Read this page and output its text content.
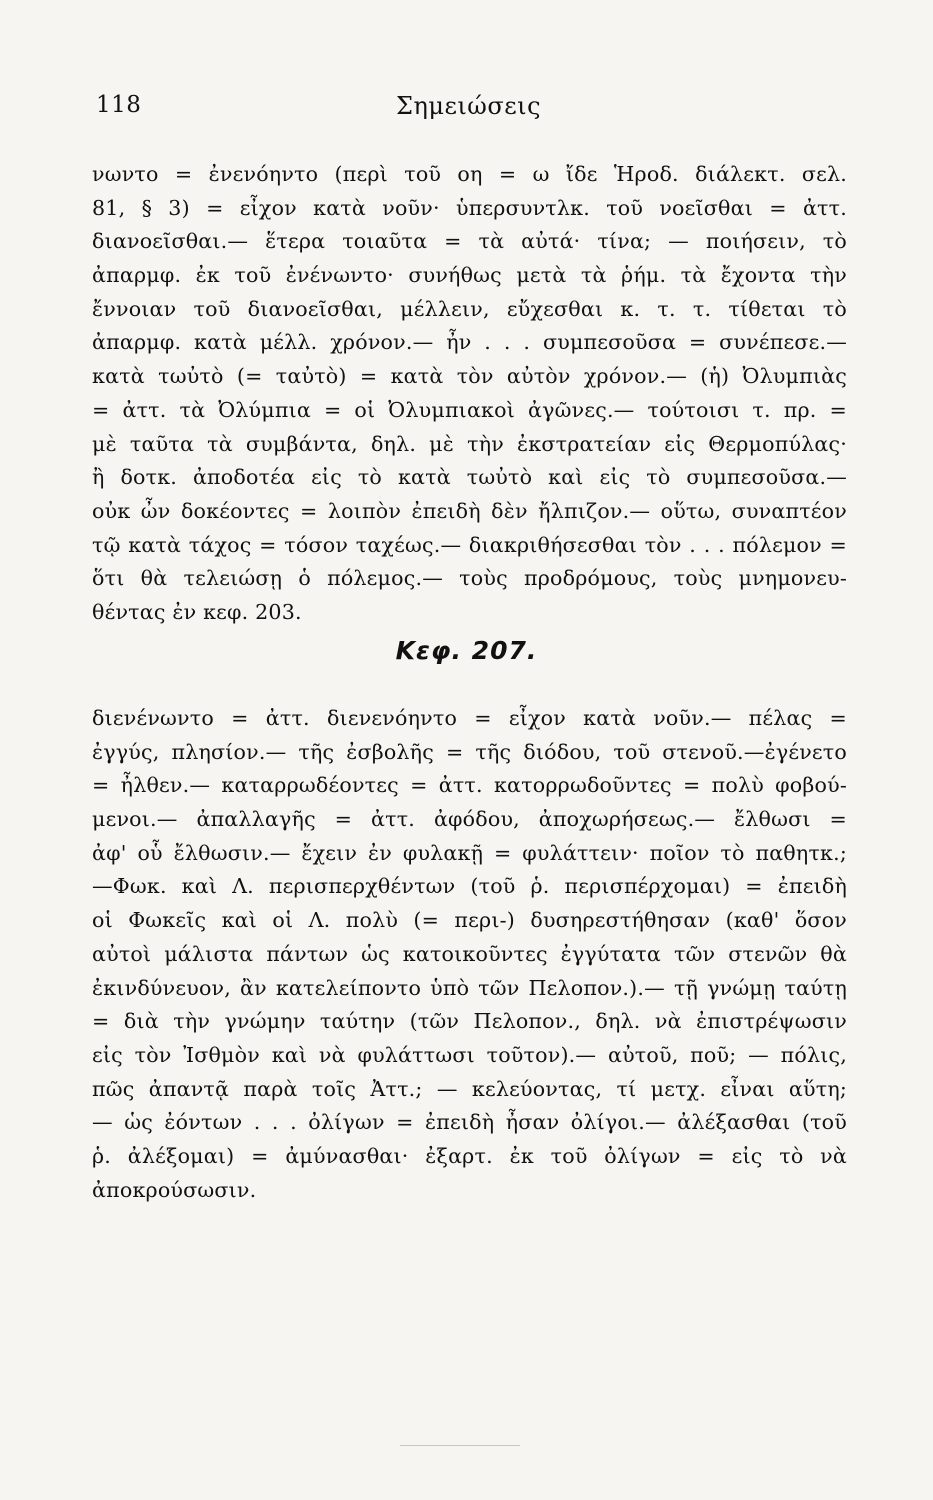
118	Σημειώσεις
νωντο = ἐνενόηντο (περὶ τοῦ οη = ω ἴδε Ἡροδ. διάλεκτ. σελ.
81, § 3) = εἶχον κατὰ νοῦν· ὑπερσυντλκ. τοῦ νοεῖσθαι = ἀττ.
διανοεῖσθαι.— ἕτερα τοιαῦτα = τὰ αὐτά· τίνα; — ποιήσειν, τὸ
ἀπαρμφ. ἐκ τοῦ ἐνένωντο· συνήθως μετὰ τὰ ῥήμ. τὰ ἔχοντα τὴν
ἔννοιαν τοῦ διανοεῖσθαι, μέλλειν, εὔχεσθαι κ. τ. τ. τίθεται τὸ
ἀπαρμφ. κατὰ μέλλ. χρόνον.— ἦν . . . συμπεσοῦσα = συνέπεσε.—
κατὰ τωὐτὸ (= ταὐτὸ) = κατὰ τὸν αὐτὸν χρόνον.— (ἡ) Ὀλυμπιὰς
= ἀττ. τὰ Ὀλύμπια = οἱ Ὀλυμπιακοὶ ἀγῶνες.— τούτοισι τ. πρ. =
μὲ ταῦτα τὰ συμβάντα, δηλ. μὲ τὴν ἐκστρατείαν εἰς Θερμοπύλας·
ἢ δοτκ. ἀποδοτέα εἰς τὸ κατὰ τωὐτὸ καὶ εἰς τὸ συμπεσοῦσα.—
οὐκ ὦν δοκέοντες = λοιπὸν ἐπειδὴ δὲν ἤλπιζον.— οὕτω, συναπτέον
τῷ κατὰ τάχος = τόσον ταχέως.— διακριθήσεσθαι τὸν . . . πόλεμον =
ὅτι θὰ τελειώσῃ ὁ πόλεμος.— τοὺς προδρόμους, τοὺς μνημονευ-
θέντας ἐν κεφ. 203.
Κεφ. 207.
διενένωντο = ἀττ. διενενόηντο = εἶχον κατὰ νοῦν.— πέλας =
ἐγγύς, πλησίον.— τῆς ἐσβολῆς = τῆς διόδου, τοῦ στενοῦ.—ἐγένετο
= ἦλθεν.— καταρρωδέοντες = ἀττ. κατορρωδοῦντες = πολὺ φοβού-
μενοι.— ἀπαλλαγῆς = ἀττ. ἀφόδου, ἀποχωρήσεως.— ἔλθωσι =
ἀφ' οὗ ἔλθωσιν.— ἔχειν ἐν φυλακῇ = φυλάττειν· ποῖον τὸ παθητκ.;
—Φωκ. καὶ Λ. περισπερχθέντων (τοῦ ῥ. περισπέρχομαι) = ἐπειδὴ
οἱ Φωκεῖς καὶ οἱ Λ. πολὺ (= περι-) δυσηρεστήθησαν (καθ' ὅσον
αὐτοὶ μάλιστα πάντων ὡς κατοικοῦντες ἐγγύτατα τῶν στενῶν θὰ
ἐκινδύνευον, ἂν κατελείποντο ὑπὸ τῶν Πελοπον.).— τῇ γνώμῃ ταύτῃ
= διὰ τὴν γνώμην ταύτην (τῶν Πελοπον., δηλ. νὰ ἐπιστρέψωσιν
εἰς τὸν Ἰσθμὸν καὶ νὰ φυλάττωσι τοῦτον).— αὐτοῦ, ποῦ; — πόλις,
πῶς ἀπαντᾷ παρὰ τοῖς Ἀττ.; — κελεύοντας, τί μετχ. εἶναι αὕτη;
— ὡς ἐόντων . . . ὀλίγων = ἐπειδὴ ἦσαν ὀλίγοι.— ἀλέξασθαι (τοῦ
ῥ. ἀλέξομαι) = ἀμύνασθαι· ἐξαρτ. ἐκ τοῦ ὀλίγων = εἰς τὸ νὰ
ἀποκρούσωσιν.
